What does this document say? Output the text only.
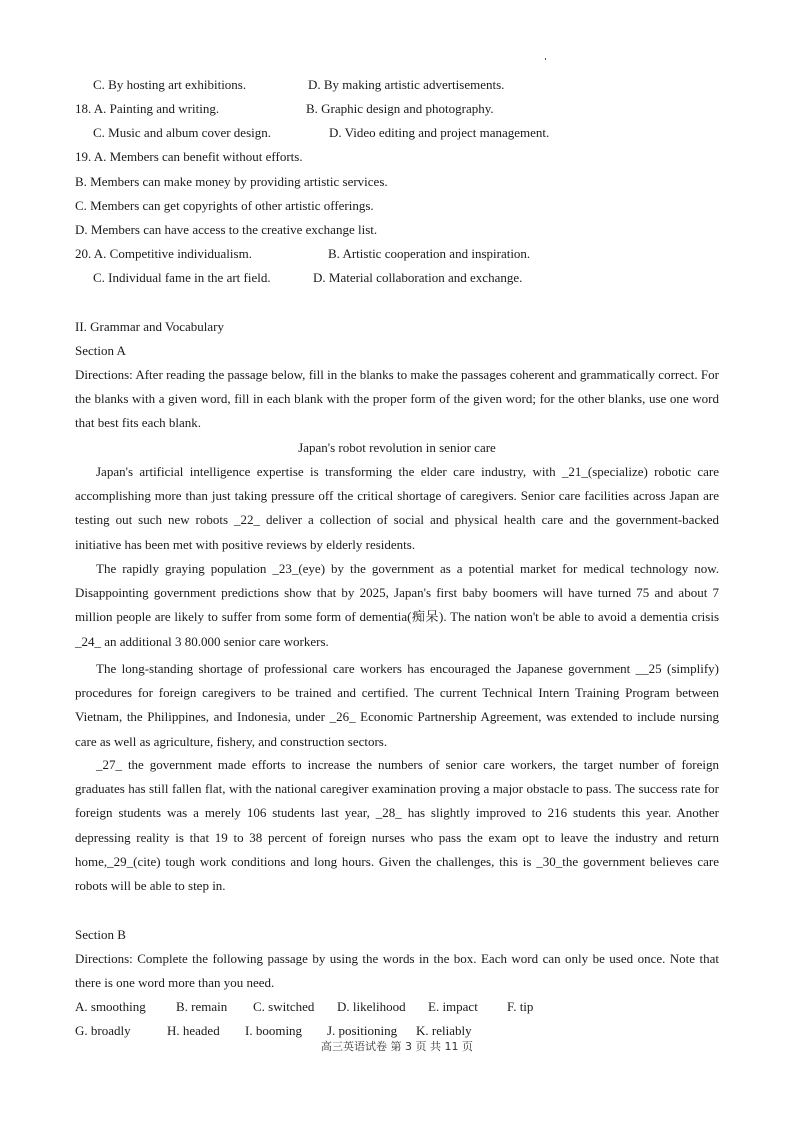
C. By hosting art exhibitions.	D. By making artistic advertisements.
18. A. Painting and writing.	B. Graphic design and photography.
C. Music and album cover design.	D. Video editing and project management.
19. A. Members can benefit without efforts.
B. Members can make money by providing artistic services.
C. Members can get copyrights of other artistic offerings.
D. Members can have access to the creative exchange list.
20. A. Competitive individualism.	B. Artistic cooperation and inspiration.
C. Individual fame in the art field.	D. Material collaboration and exchange.
II. Grammar and Vocabulary
Section A
Directions: After reading the passage below, fill in the blanks to make the passages coherent and grammatically correct. For the blanks with a given word, fill in each blank with the proper form of the given word; for the other blanks, use one word that best fits each blank.
Japan's robot revolution in senior care
Japan's artificial intelligence expertise is transforming the elder care industry, with _21_(specialize) robotic care accomplishing more than just taking pressure off the critical shortage of caregivers. Senior care facilities across Japan are testing out such new robots _22_ deliver a collection of social and physical health care and the government-backed initiative has been met with positive reviews by elderly residents.
The rapidly graying population _23_(eye) by the government as a potential market for medical technology now. Disappointing government predictions show that by 2025, Japan's first baby boomers will have turned 75 and about 7 million people are likely to suffer from some form of dementia(痴呆). The nation won't be able to avoid a dementia crisis _24_ an additional 3 80.000 senior care workers.
The long-standing shortage of professional care workers has encouraged the Japanese government __25 (simplify) procedures for foreign caregivers to be trained and certified. The current Technical Intern Training Program between Vietnam, the Philippines, and Indonesia, under _26_ Economic Partnership Agreement, was extended to include nursing care as well as agriculture, fishery, and construction sectors.
_27_ the government made efforts to increase the numbers of senior care workers, the target number of foreign graduates has still fallen flat, with the national caregiver examination proving a major obstacle to pass. The success rate for foreign students was a merely 106 students last year, _28_ has slightly improved to 216 students this year. Another depressing reality is that 19 to 38 percent of foreign nurses who pass the exam opt to leave the industry and return home,_29_(cite) tough work conditions and long hours. Given the challenges, this is _30_the government believes care robots will be able to step in.
Section B
Directions: Complete the following passage by using the words in the box. Each word can only be used once. Note that there is one word more than you need.
A. smoothing B. remain C. switched D. likelihood E. impact F. tip
G. broadly	H. headed I. booming J. positioning K. reliably
高三英语试卷 第 3 页 共 11 页
